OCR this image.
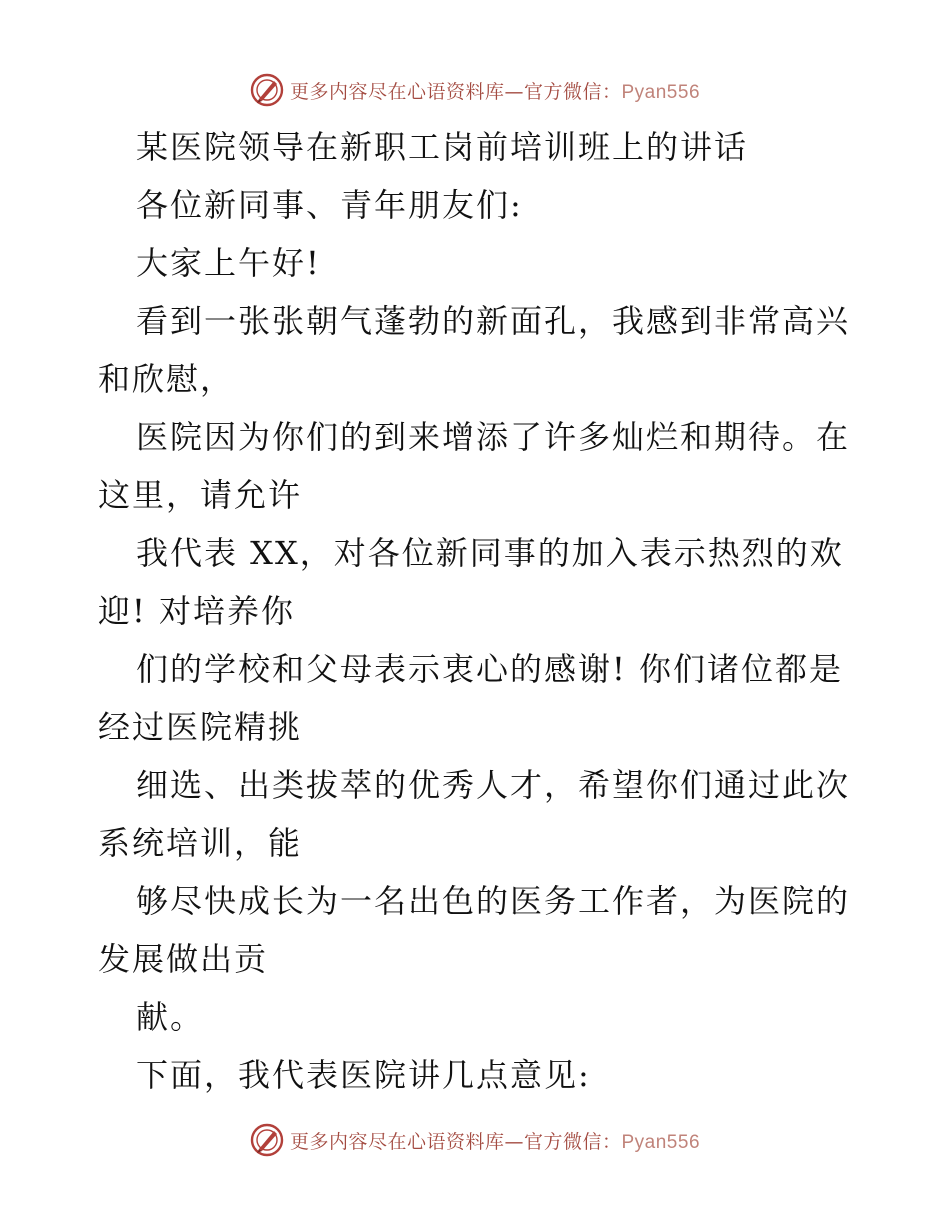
更多内容尽在心语资料库—官方微信：Pyan556
某医院领导在新职工岗前培训班上的讲话
各位新同事、青年朋友们:
大家上午好!
看到一张张朝气蓬勃的新面孔，我感到非常高兴
和欣慰，
医院因为你们的到来增添了许多灿烂和期待。在
这里，请允许
我代表 XX，对各位新同事的加入表示热烈的欢
迎! 对培养你
们的学校和父母表示衷心的感谢! 你们诸位都是
经过医院精挑
细选、出类拔萃的优秀人才，希望你们通过此次
系统培训，能
够尽快成长为一名出色的医务工作者，为医院的
发展做出贡
献。
下面，我代表医院讲几点意见:
更多内容尽在心语资料库—官方微信：Pyan556
